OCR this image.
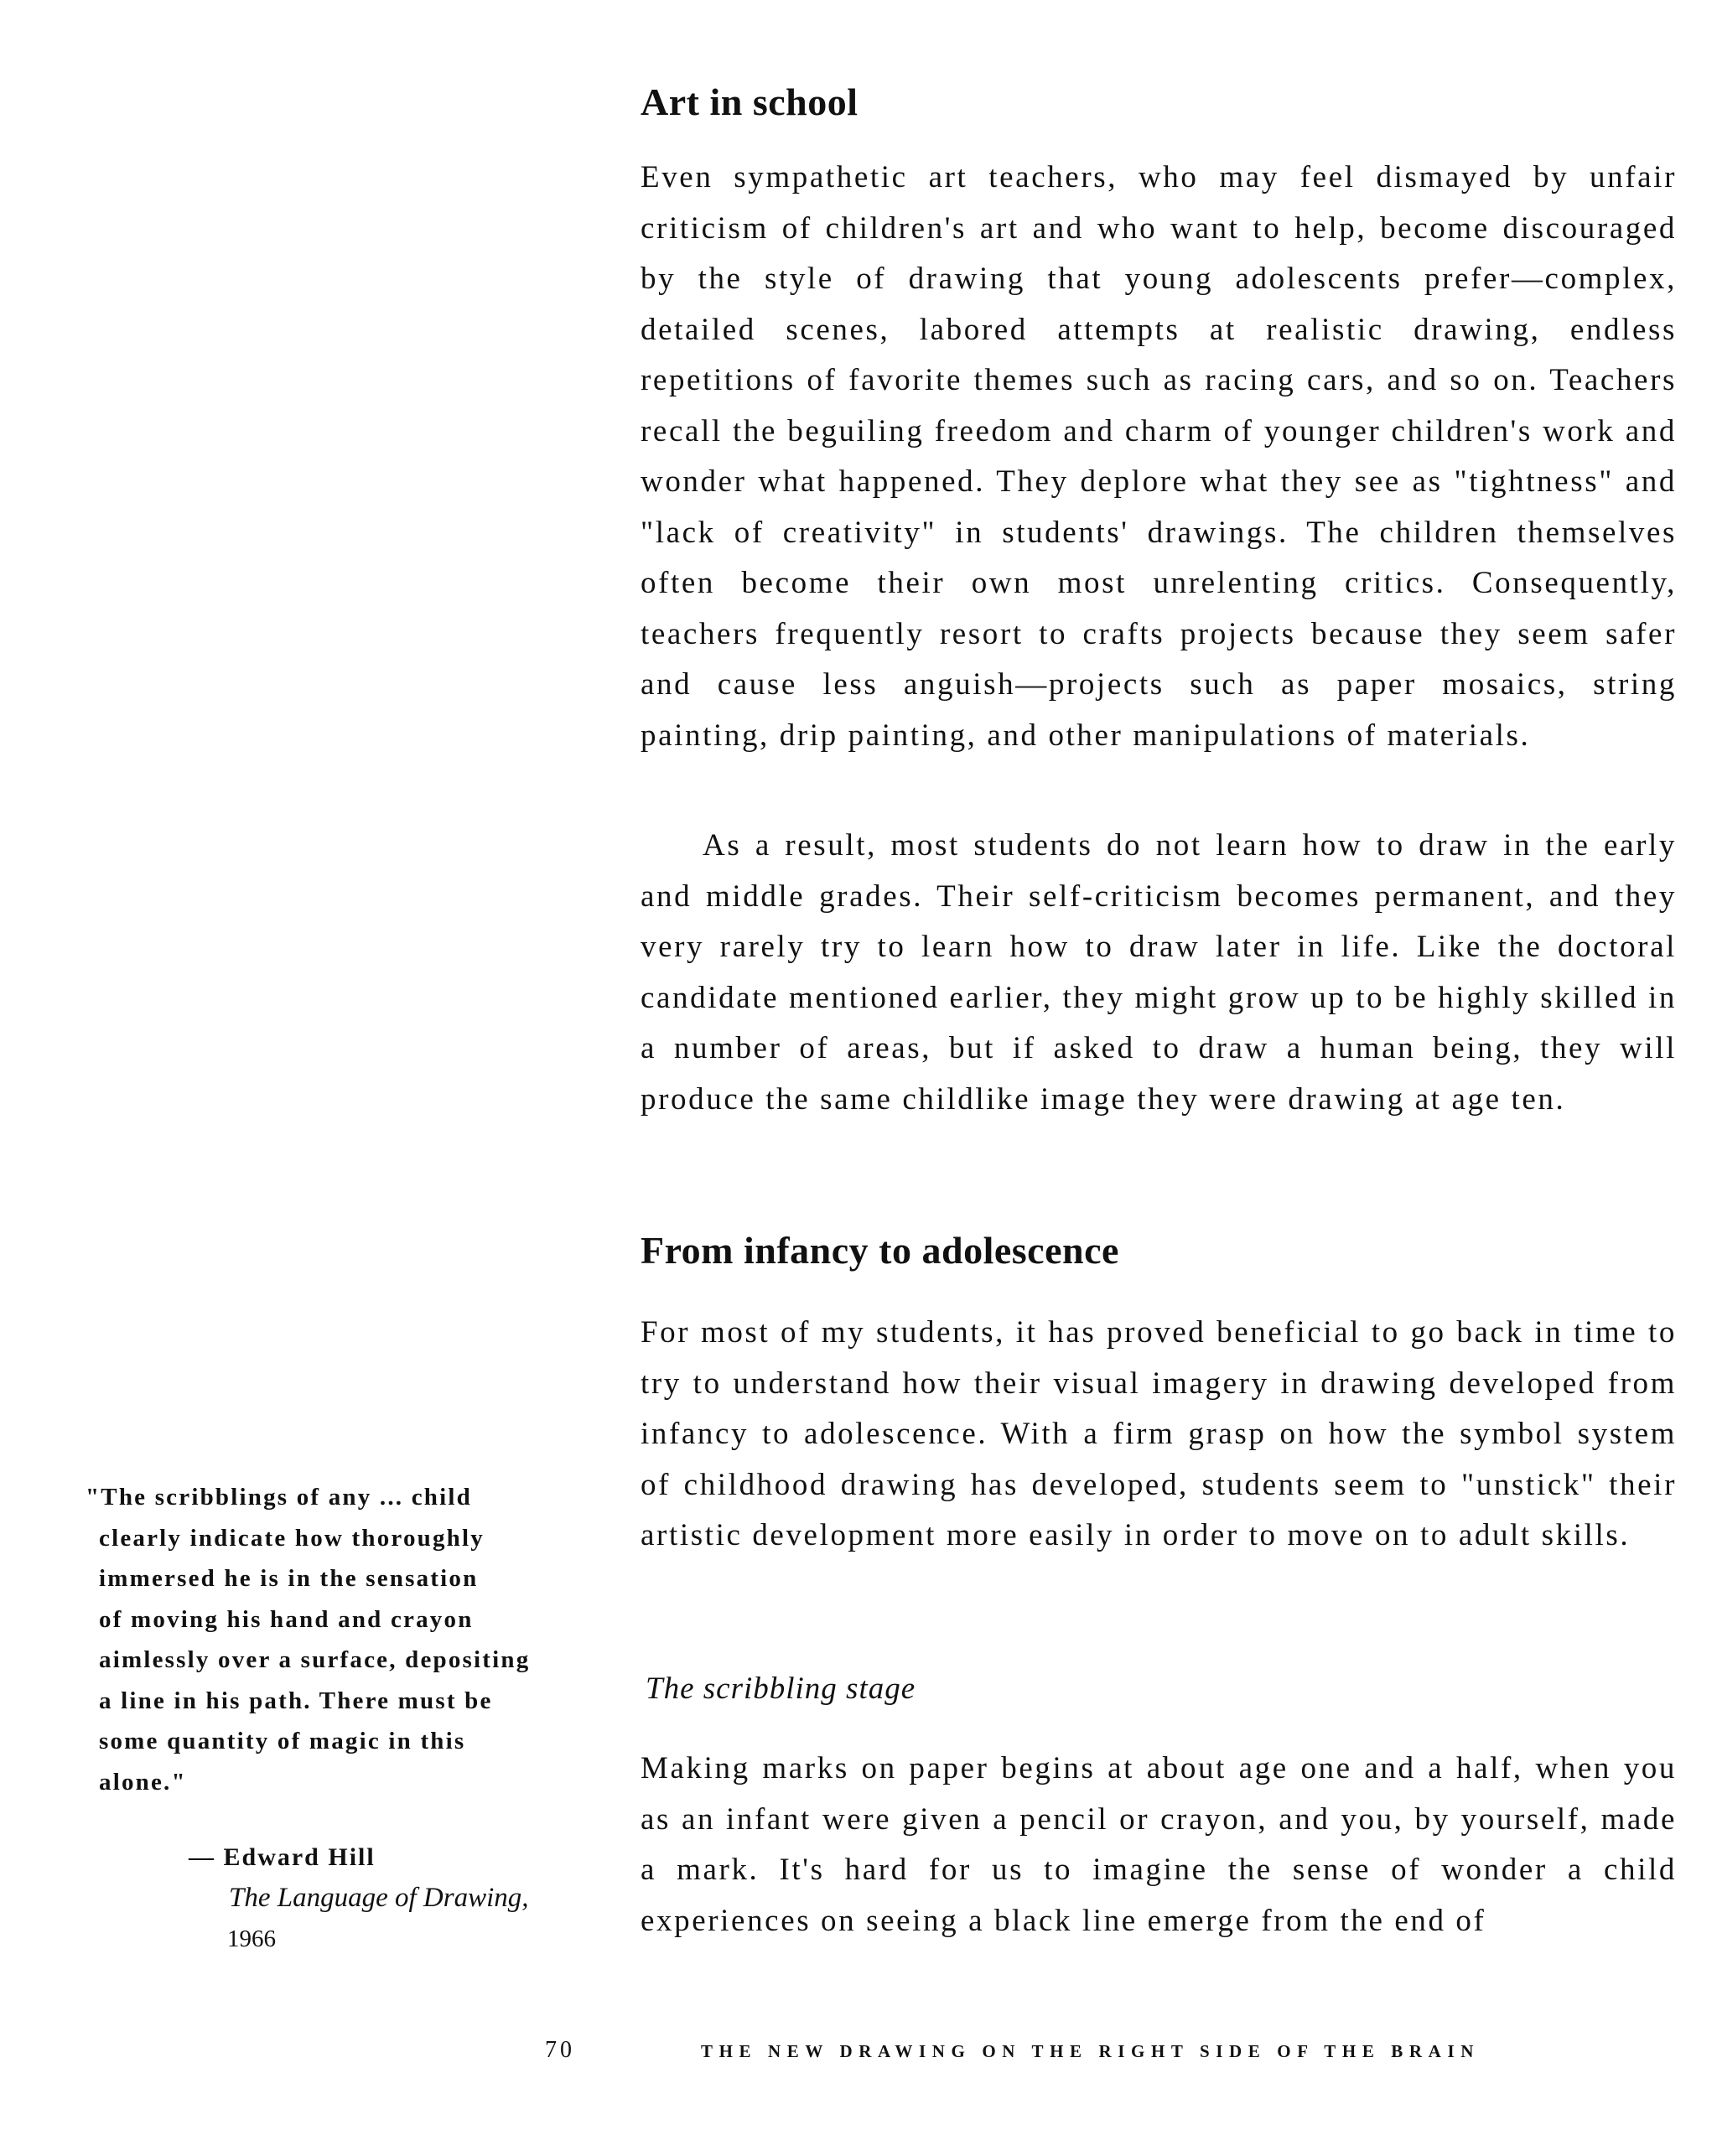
Art in school

Even sympathetic art teachers, who may feel dismayed by unfair criticism of children's art and who want to help, become discouraged by the style of drawing that young adolescents prefer—complex, detailed scenes, labored attempts at realistic drawing, endless repetitions of favorite themes such as racing cars, and so on. Teachers recall the beguiling freedom and charm of younger children's work and wonder what happened. They deplore what they see as "tightness" and "lack of creativity" in students' drawings. The children themselves often become their own most unrelenting critics. Consequently, teachers frequently resort to crafts projects because they seem safer and cause less anguish—projects such as paper mosaics, string painting, drip painting, and other manipulations of materials.

As a result, most students do not learn how to draw in the early and middle grades. Their self-criticism becomes permanent, and they very rarely try to learn how to draw later in life. Like the doctoral candidate mentioned earlier, they might grow up to be highly skilled in a number of areas, but if asked to draw a human being, they will produce the same childlike image they were drawing at age ten.

From infancy to adolescence

For most of my students, it has proved beneficial to go back in time to try to understand how their visual imagery in drawing developed from infancy to adolescence. With a firm grasp on how the symbol system of childhood drawing has developed, students seem to "unstick" their artistic development more easily in order to move on to adult skills.

The scribbling stage

Making marks on paper begins at about age one and a half, when you as an infant were given a pencil or crayon, and you, by yourself, made a mark. It's hard for us to imagine the sense of wonder a child experiences on seeing a black line emerge from the end of

"The scribblings of any ... child
clearly indicate how thoroughly
immersed he is in the sensation
of moving his hand and crayon
aimlessly over a surface, depositing
a line in his path. There must be
some quantity of magic in this
alone."

— Edward Hill
The Language of Drawing,
1966
70	THE NEW DRAWING ON THE RIGHT SIDE OF THE BRAIN
